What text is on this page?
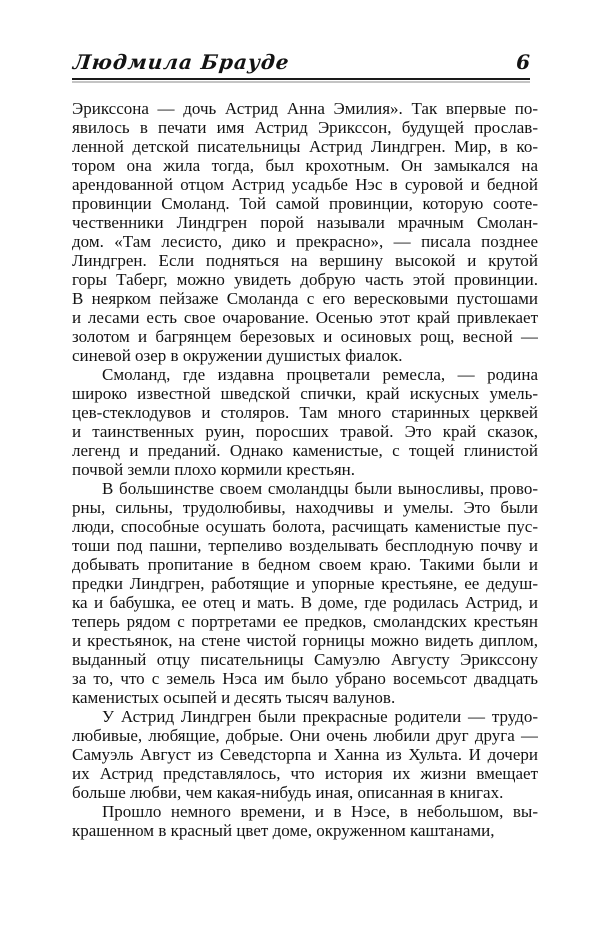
Людмила Брауде	6
Эрикссона — дочь Астрид Анна Эмилия». Так впервые по-
явилось в печати имя Астрид Эрикссон, будущей прослав-
ленной детской писательницы Астрид Линдгрен. Мир, в ко-
тором она жила тогда, был крохотным. Он замыкался на
арендованной отцом Астрид усадьбе Нэс в суровой и бедной
провинции Смоланд. Той самой провинции, которую сооте-
чественники Линдгрен порой называли мрачным Смолан-
дом. «Там лесисто, дико и прекрасно», — писала позднее
Линдгрен. Если подняться на вершину высокой и крутой
горы Таберг, можно увидеть добрую часть этой провинции.
В неярком пейзаже Смоланда с его вересковыми пустошами
и лесами есть свое очарование. Осенью этот край привлекает
золотом и багрянцем березовых и осиновых рощ, весной —
синевой озер в окружении душистых фиалок.
Смоланд, где издавна процветали ремесла, — родина
широко известной шведской спички, край искусных умель-
цев-стеклодувов и столяров. Там много старинных церквей
и таинственных руин, поросших травой. Это край сказок,
легенд и преданий. Однако каменистые, с тощей глинистой
почвой земли плохо кормили крестьян.
В большинстве своем смоландцы были выносливы, прово-
рны, сильны, трудолюбивы, находчивы и умелы. Это были
люди, способные осушать болота, расчищать каменистые пус-
тоши под пашни, терпеливо возделывать бесплодную почву и
добывать пропитание в бедном своем краю. Такими были и
предки Линдгрен, работящие и упорные крестьяне, ее дедуш-
ка и бабушка, ее отец и мать. В доме, где родилась Астрид, и
теперь рядом с портретами ее предков, смоландских крестьян
и крестьянок, на стене чистой горницы можно видеть диплом,
выданный отцу писательницы Самуэлю Августу Эрикссону
за то, что с земель Нэса им было убрано восемьсот двадцать
каменистых осыпей и десять тысяч валунов.
У Астрид Линдгрен были прекрасные родители — трудо-
любивые, любящие, добрые. Они очень любили друг друга —
Самуэль Август из Севедсторпа и Ханна из Хульта. И дочери
их Астрид представлялось, что история их жизни вмещает
больше любви, чем какая-нибудь иная, описанная в книгах.
Прошло немного времени, и в Нэсе, в небольшом, вы-
крашенном в красный цвет доме, окруженном каштанами,
